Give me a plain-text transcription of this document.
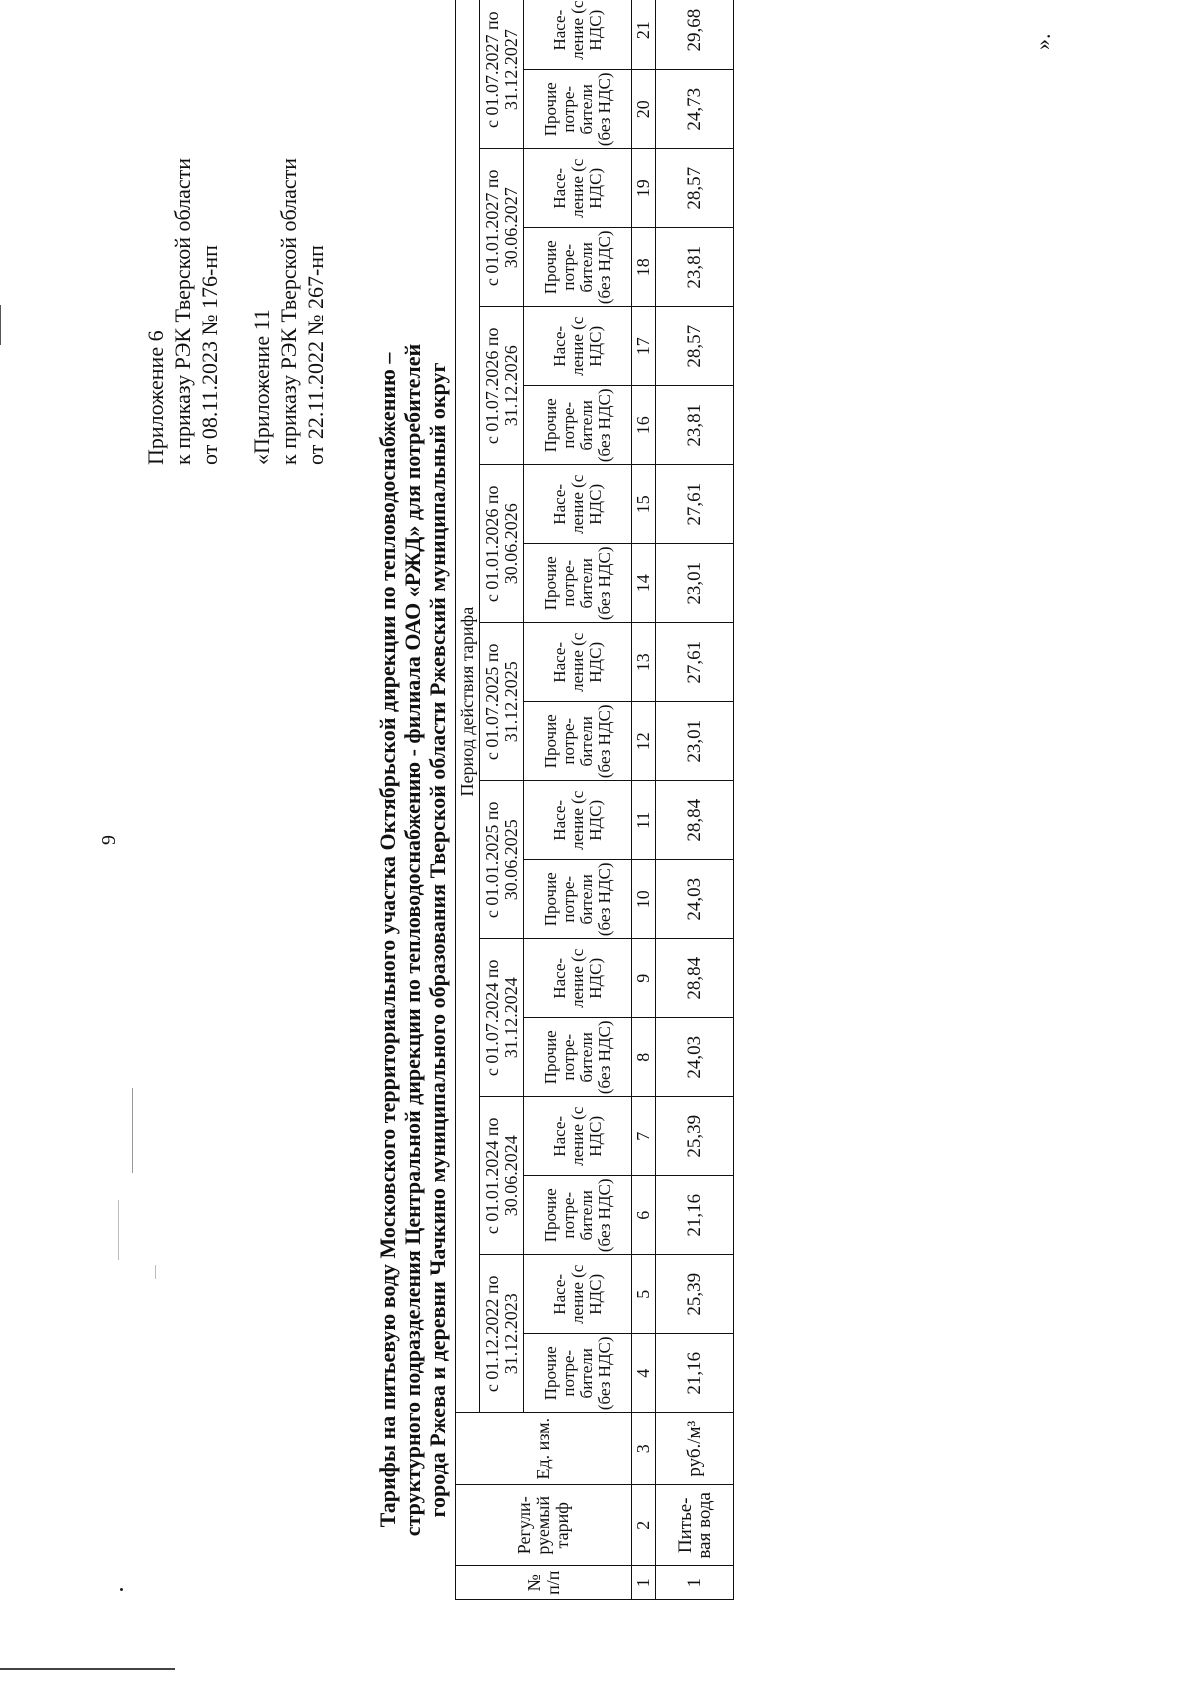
9
Приложение 6 к приказу РЭК Тверской области от 08.11.2023 № 176-нп «Приложение 11 к приказу РЭК Тверской области от 22.11.2022 № 267-нп Тарифы на питьевую воду Московского территориального участка Октябрьской дирекции по тепловодоснабжению – структурного подразделения Центральной дирекции по тепловодоснабжению - филиала ОАО «РЖД» для потребителей города Ржева и деревни Чачкино муниципального образования Тверской области Ржевский муниципальный округ
№ п/п	Регули-руемый тариф	Ед. изм.	Период действия тарифа																	
			с 01.12.2022 по 31.12.2023		с 01.01.2024 по 30.06.2024		с 01.07.2024 по 31.12.2024		с 01.01.2025 по 30.06.2025		с 01.07.2025 по 31.12.2025		с 01.01.2026 по 30.06.2026		с 01.07.2026 по 31.12.2026		с 01.01.2027 по 30.06.2027		с 01.07.2027 по 31.12.2027	
			Прочие потре-бители (без НДС)	Насе-ление (с НДС)	Прочие потре-бители (без НДС)	Насе-ление (с НДС)	Прочие потре-бители (без НДС)	Насе-ление (с НДС)	Прочие потре-бители (без НДС)	Насе-ление (с НДС)	Прочие потре-бители (без НДС)	Насе-ление (с НДС)	Прочие потре-бители (без НДС)	Насе-ление (с НДС)	Прочие потре-бители (без НДС)	Насе-ление (с НДС)	Прочие потре-бители (без НДС)	Насе-ление (с НДС)	Прочие потре-бители (без НДС)	Насе-ление (с НДС)
1	2	3	4	5	6	7	8	9	10	11	12	13	14	15	16	17	18	19	20	21
1	Питье-вая вода	руб./м³	21,16	25,39	21,16	25,39	24,03	28,84	24,03	28,84	23,01	27,61	23,01	27,61	23,81	28,57	23,81	28,57	24,73	29,68	».
